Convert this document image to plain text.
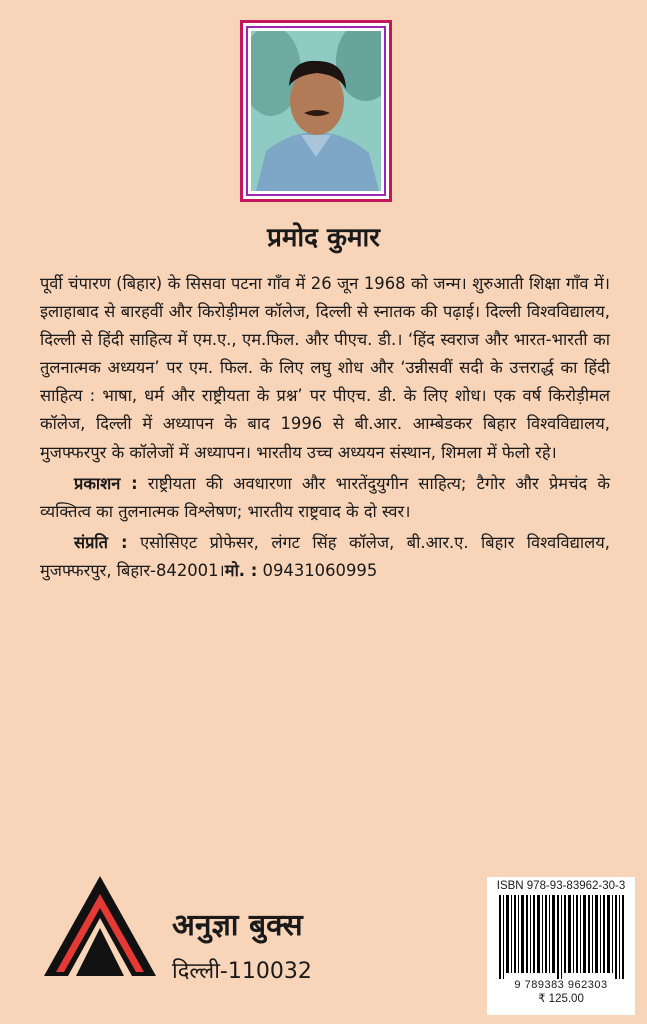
प्रमोद कुमार

पूर्वी चंपारण (बिहार) के सिसवा पटना गाँव में 26 जून 1968 को जन्म। शुरुआती शिक्षा गाँव में। इलाहाबाद से बारहवीं और किरोड़ीमल कॉलेज, दिल्ली से स्नातक की पढ़ाई। दिल्ली विश्वविद्यालय, दिल्ली से हिंदी साहित्य में एम.ए., एम.फिल. और पीएच. डी.। ‘हिंद स्वराज और भारत-भारती का तुलनात्मक अध्ययन’ पर एम. फिल. के लिए लघु शोध और ‘उन्नीसवीं सदी के उत्तरार्द्ध का हिंदी साहित्य : भाषा, धर्म और राष्ट्रीयता के प्रश्न’ पर पीएच. डी. के लिए शोध। एक वर्ष किरोड़ीमल कॉलेज, दिल्ली में अध्यापन के बाद 1996 से बी.आर. आम्बेडकर बिहार विश्वविद्यालय, मुजफ्फरपुर के कॉलेजों में अध्यापन। भारतीय उच्च अध्ययन संस्थान, शिमला में फेलो रहे।

प्रकाशन : राष्ट्रीयता की अवधारणा और भारतेंदुयुगीन साहित्य; टैगोर और प्रेमचंद के व्यक्तित्व का तुलनात्मक विश्लेषण; भारतीय राष्ट्रवाद के दो स्वर।

संप्रति : एसोसिएट प्रोफेसर, लंगट सिंह कॉलेज, बी.आर.ए. बिहार विश्वविद्यालय, मुजफ्फरपुर, बिहार-842001।मो. : 09431060995

अनुज्ञा बुक्स
दिल्ली-110032
ISBN 978-93-83962-30-3
9 789383 962303
₹ 125.00
